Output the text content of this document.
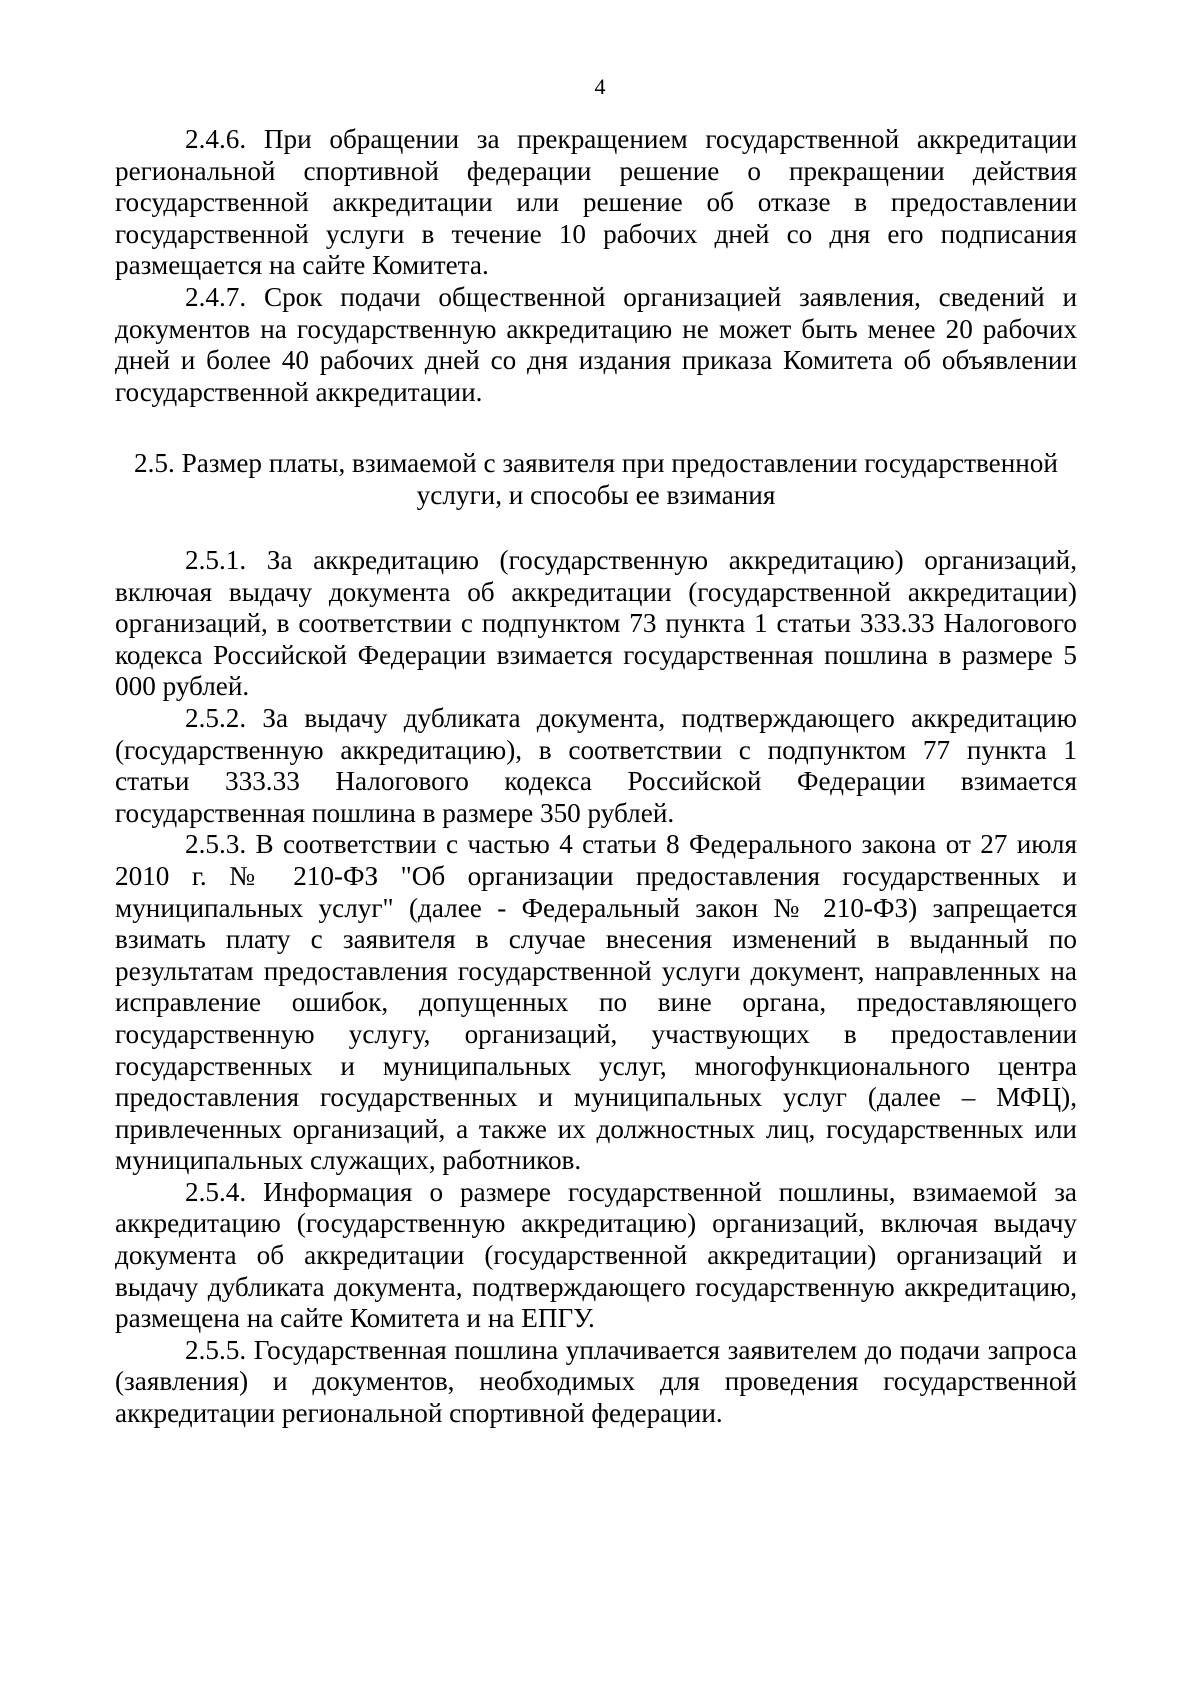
4

2.4.6. При обращении за прекращением государственной аккредитации региональной спортивной федерации решение о прекращении действия государственной аккредитации или решение об отказе в предоставлении государственной услуги в течение 10 рабочих дней со дня его подписания размещается на сайте Комитета.

2.4.7. Срок подачи общественной организацией заявления, сведений и документов на государственную аккредитацию не может быть менее 20 рабочих дней и более 40 рабочих дней со дня издания приказа Комитета об объявлении государственной аккредитации.

2.5. Размер платы, взимаемой с заявителя при предоставлении государственной

услуги, и способы ее взимания

2.5.1. За аккредитацию (государственную аккредитацию) организаций, включая выдачу документа об аккредитации (государственной аккредитации) организаций, в соответствии с подпунктом 73 пункта 1 статьи 333.33 Налогового кодекса Российской Федерации взимается государственная пошлина в размере 5 000 рублей.

2.5.2. За выдачу дубликата документа, подтверждающего аккредитацию (государственную аккредитацию), в соответствии с подпунктом 77 пункта 1 статьи 333.33 Налогового кодекса Российской Федерации взимается государственная пошлина в размере 350 рублей.

2.5.3. В соответствии с частью 4 статьи 8 Федерального закона от 27 июля 2010 г. № 210-ФЗ "Об организации предоставления государственных и муниципальных услуг" (далее - Федеральный закон № 210-ФЗ) запрещается взимать плату с заявителя в случае внесения изменений в выданный по результатам предоставления государственной услуги документ, направленных на исправление ошибок, допущенных по вине органа, предоставляющего государственную услугу, организаций, участвующих в предоставлении государственных и муниципальных услуг, многофункционального центра предоставления государственных и муниципальных услуг (далее – МФЦ), привлеченных организаций, а также их должностных лиц, государственных или муниципальных служащих, работников.

2.5.4. Информация о размере государственной пошлины, взимаемой за аккредитацию (государственную аккредитацию) организаций, включая выдачу документа об аккредитации (государственной аккредитации) организаций и выдачу дубликата документа, подтверждающего государственную аккредитацию, размещена на сайте Комитета и на ЕПГУ.

2.5.5. Государственная пошлина уплачивается заявителем до подачи запроса (заявления) и документов, необходимых для проведения государственной аккредитации региональной спортивной федерации.
